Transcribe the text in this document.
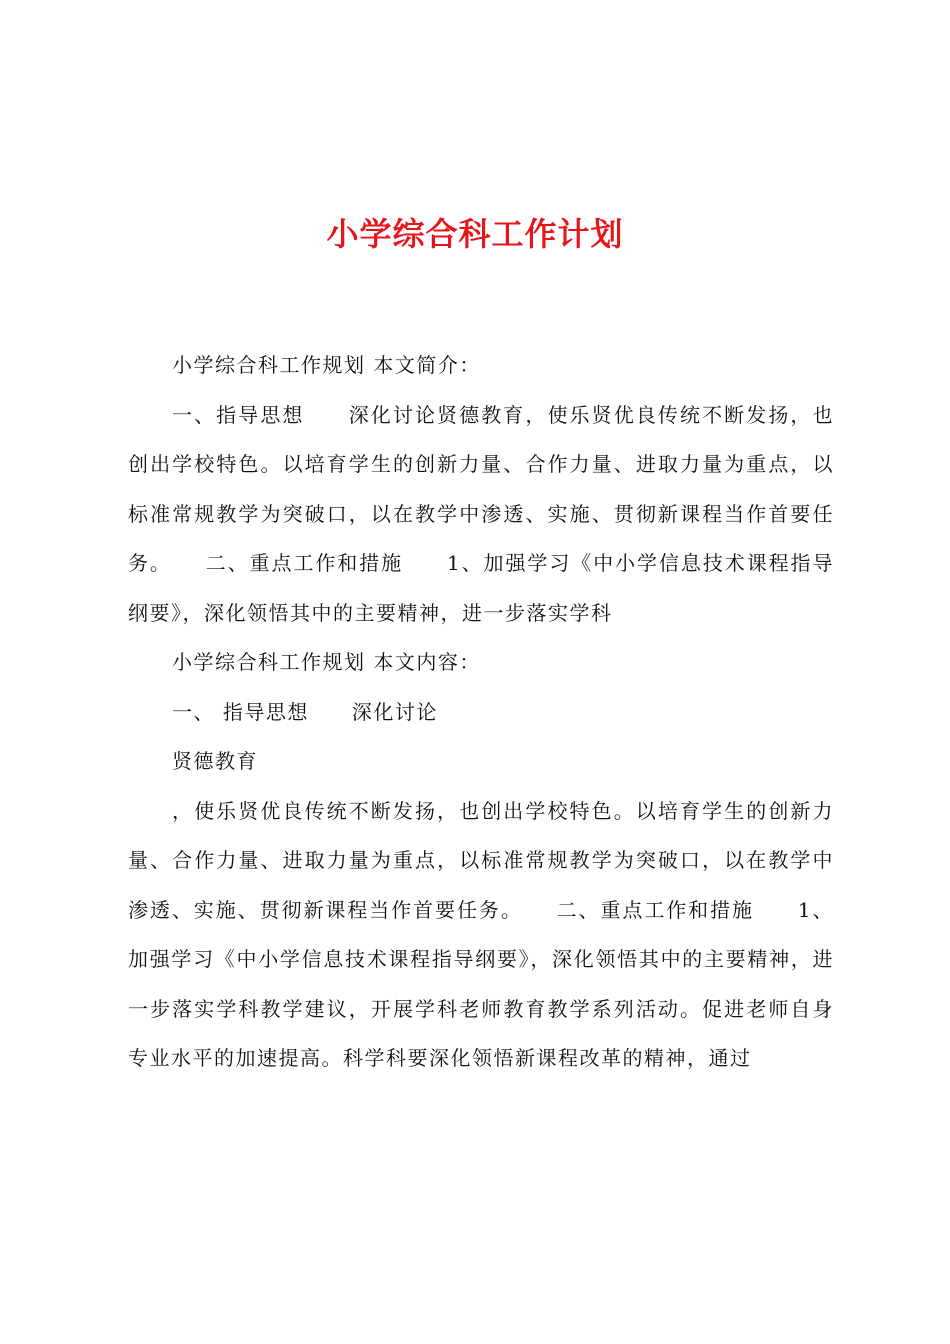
小学综合科工作计划

小学综合科工作规划 本文简介：

一、指导思想　　深化讨论贤德教育，使乐贤优良传统不断发扬，也创出学校特色。以培育学生的创新力量、合作力量、进取力量为重点，以标准常规教学为突破口，以在教学中渗透、实施、贯彻新课程当作首要任务。　　二、重点工作和措施　　1、加强学习《中小学信息技术课程指导纲要》，深化领悟其中的主要精神，进一步落实学科

小学综合科工作规划 本文内容：

一、 指导思想　　深化讨论

贤德教育

，使乐贤优良传统不断发扬，也创出学校特色。以培育学生的创新力量、合作力量、进取力量为重点，以标准常规教学为突破口，以在教学中渗透、实施、贯彻新课程当作首要任务。　　二、重点工作和措施　　1、加强学习《中小学信息技术课程指导纲要》，深化领悟其中的主要精神，进一步落实学科教学建议，开展学科老师教育教学系列活动。促进老师自身专业水平的加速提高。科学科要深化领悟新课程改革的精神，通过
